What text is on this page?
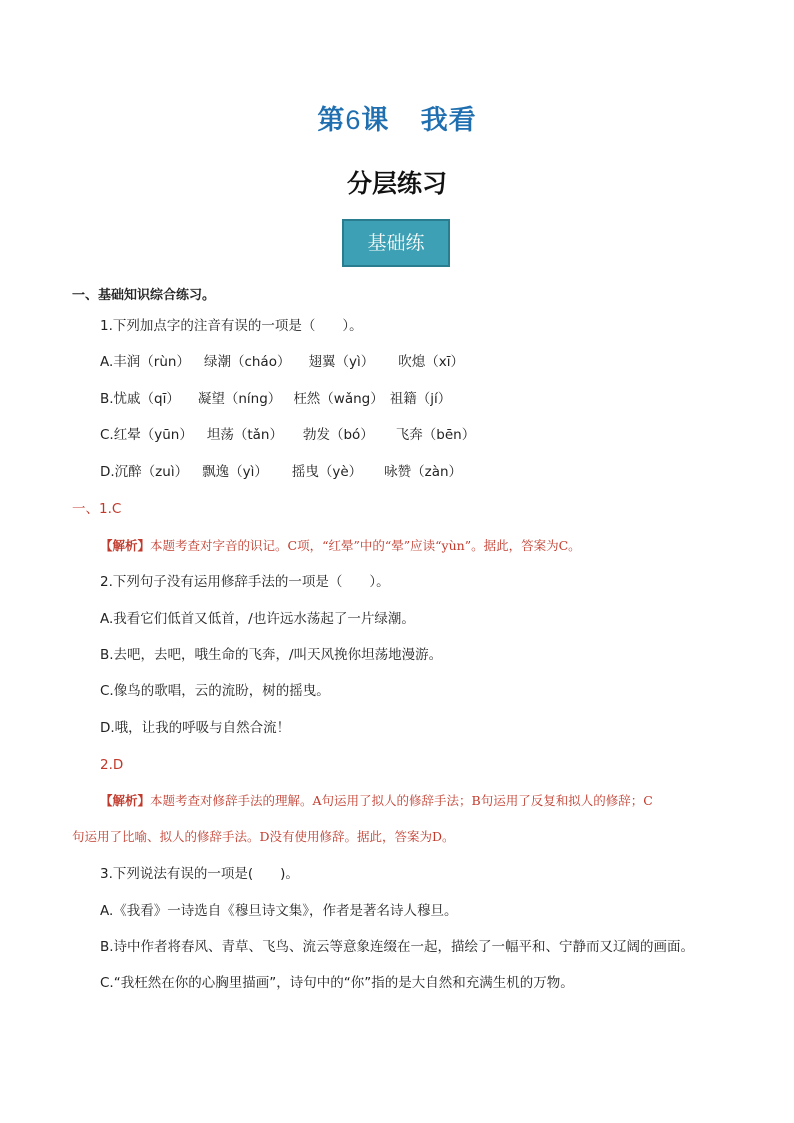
第6课 我看
分层练习
基础练
一、基础知识综合练习。
1.下列加点字的注音有误的一项是（　　）。
A.丰润（rùn） 绿潮（cháo） 翅翼（yì） 吹熄（xī）
B.忧戚（qī） 凝望（níng） 枉然（wǎng） 祖籍（jí）
C.红晕（yūn） 坦荡（tǎn） 勃发（bó） 飞奔（bēn）
D.沉醉（zuì） 飘逸（yì） 摇曳（yè） 咏赞（zàn）
一、1.C
【解析】本题考查对字音的识记。C项，“红晕”中的“晕”应读“yùn”。据此，答案为C。
2.下列句子没有运用修辞手法的一项是（　　）。
A.我看它们低首又低首，/也许远水荡起了一片绿潮。
B.去吧，去吧，哦生命的飞奔，/叫天风挽你坦荡地漫游。
C.像鸟的歌唱，云的流盼，树的摇曳。
D.哦，让我的呼吸与自然合流！
2.D
【解析】本题考查对修辞手法的理解。A句运用了拟人的修辞手法；B句运用了反复和拟人的修辞；C
句运用了比喻、拟人的修辞手法。D没有使用修辞。据此，答案为D。
3.下列说法有误的一项是(　　)。
A.《我看》一诗选自《穆旦诗文集》，作者是著名诗人穆旦。
B.诗中作者将春风、青草、飞鸟、流云等意象连缀在一起，描绘了一幅平和、宁静而又辽阔的画面。
C.“我枉然在你的心胸里描画”，诗句中的“你”指的是大自然和充满生机的万物。
